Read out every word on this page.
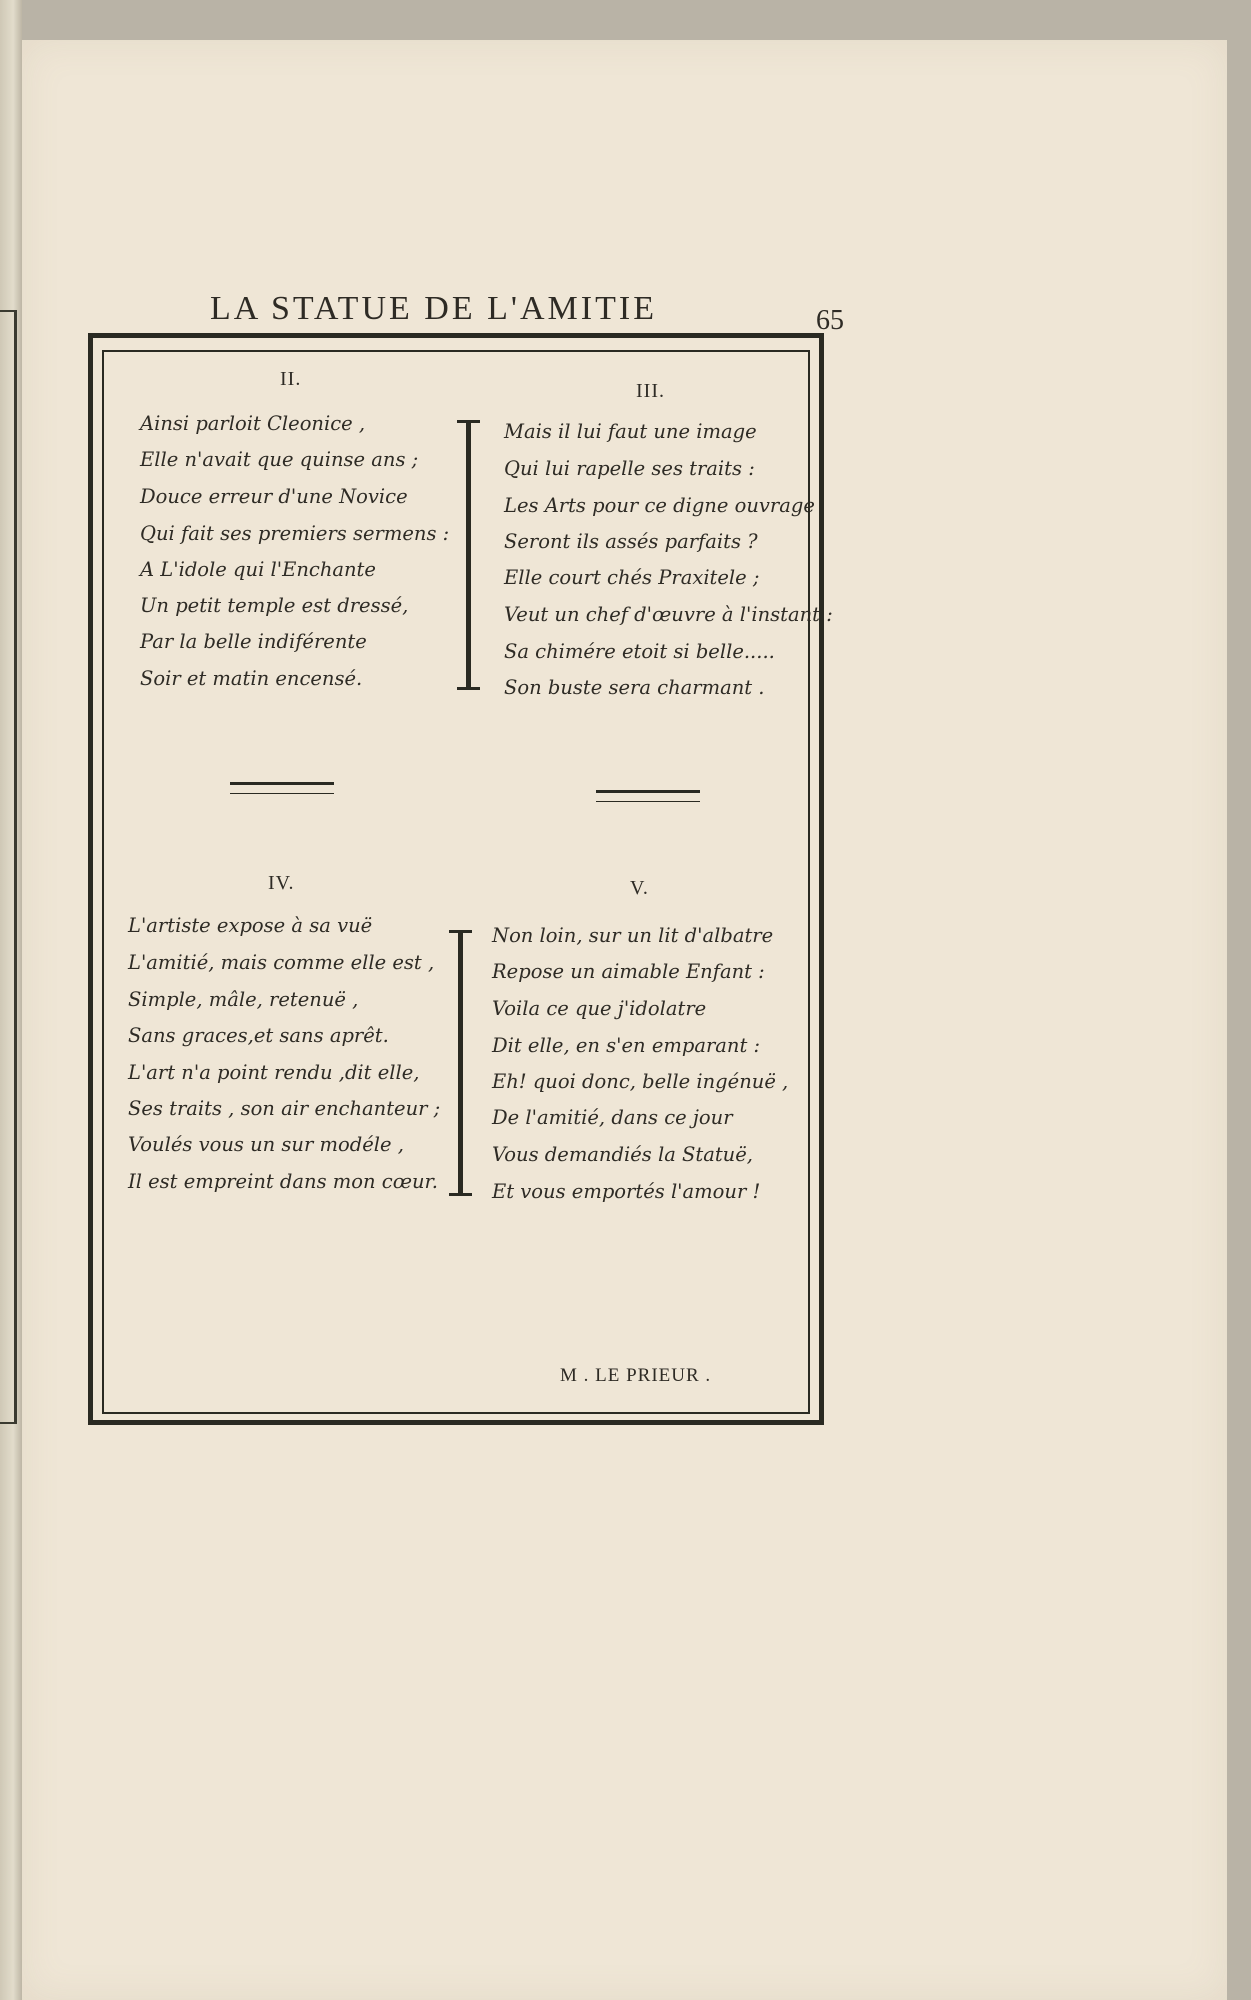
LA STATUE DE L'AMITIE	65
II.
Ainsi parloit Cleonice ,
Elle n'avait que quinse ans ;
Douce erreur d'une Novice
Qui fait ses premiers sermens :
A L'idole qui l'Enchante
Un petit temple est dressé,
Par la belle indiférente
Soir et matin encensé.
III.
Mais il lui faut une image
Qui lui rapelle ses traits :
Les Arts pour ce digne ouvrage
Seront ils assés parfaits ?
Elle court chés Praxitele ;
Veut un chef d'œuvre à l'instant :
Sa chimére etoit si belle.....
Son buste sera charmant .
IV.
L'artiste expose à sa vuë
L'amitié, mais comme elle est ,
Simple, mâle, retenuë ,
Sans graces,et sans aprêt.
L'art n'a point rendu ,dit elle,
Ses traits , son air enchanteur ;
Voulés vous un sur modéle ,
Il est empreint dans mon cœur.
V.
Non loin, sur un lit d'albatre
Repose un aimable Enfant :
Voila ce que j'idolatre
Dit elle, en s'en emparant :
Eh! quoi donc, belle ingénuë ,
De l'amitié, dans ce jour
Vous demandiés la Statuë,
Et vous emportés l'amour !
M . LE PRIEUR .
